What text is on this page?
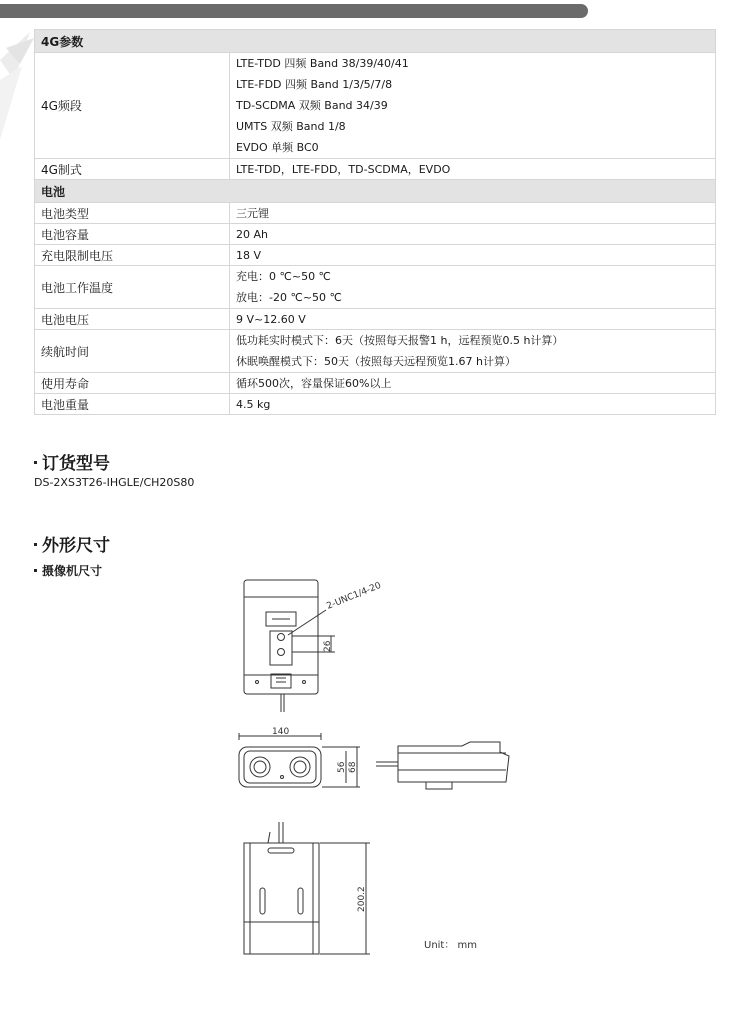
4G参数	
4G频段	LTE-TDD 四频 Band 38/39/40/41
LTE-FDD 四频 Band 1/3/5/7/8
TD-SCDMA 双频 Band 34/39
UMTS 双频 Band 1/8
EVDO 单频 BC0

4G制式	LTE-TDD，LTE-FDD，TD-SCDMA，EVDO
电池	
电池类型	三元锂
电池容量	20 Ah
充电限制电压	18 V
电池工作温度	充电：0 ℃~50 ℃
放电：-20 ℃~50 ℃

电池电压	9 V~12.60 V
续航时间	低功耗实时模式下：6天（按照每天报警1 h，远程预览0.5 h计算）
休眠唤醒模式下：50天（按照每天远程预览1.67 h计算）

使用寿命	循环500次，容量保证60%以上
电池重量	4.5 kg
订货型号
DS-2XS3T26-IHGLE/CH20S80
外形尺寸
摄像机尺寸
2-UNC1/4-20
26
140
56 68
200.2
Unit： mm
